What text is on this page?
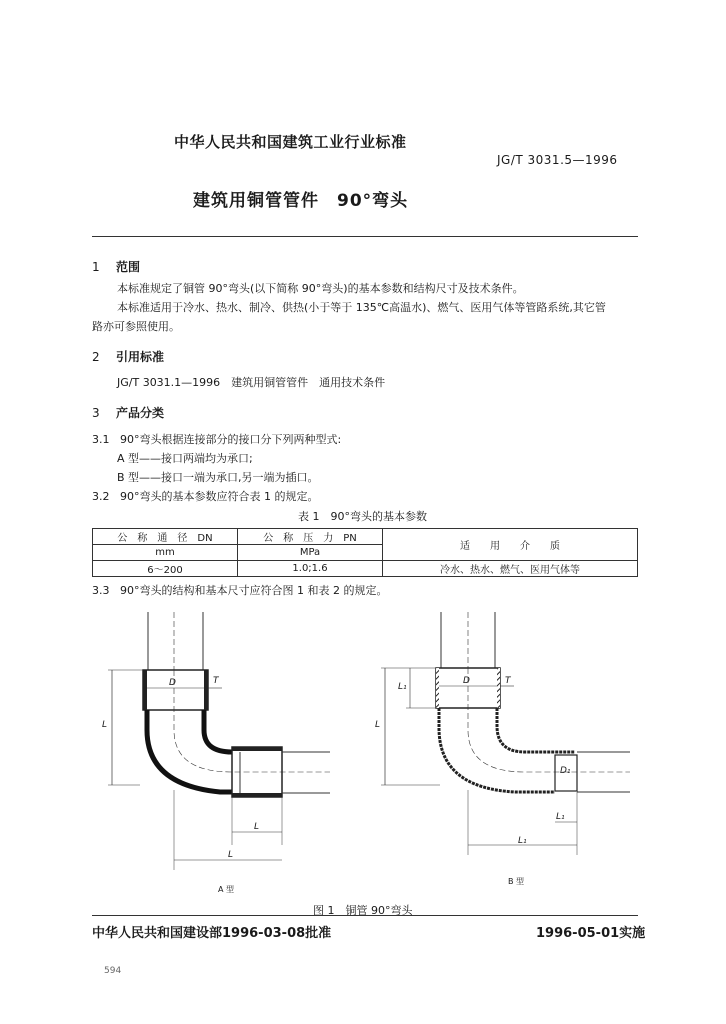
中华人民共和国建筑工业行业标准
JG/T 3031.5—1996
建筑用铜管管件　90°弯头
1 范围
本标准规定了铜管 90°弯头(以下简称 90°弯头)的基本参数和结构尺寸及技术条件。
本标准适用于冷水、热水、制冷、供热(小于等于 135℃高温水)、燃气、医用气体等管路系统,其它管
路亦可参照使用。
2 引用标准
JG/T 3031.1—1996　建筑用铜管管件　通用技术条件
3 产品分类
3.1 90°弯头根据连接部分的接口分下列两种型式:
A 型——接口两端均为承口;
B 型——接口一端为承口,另一端为插口。
3.2 90°弯头的基本参数应符合表 1 的规定。
表 1　90°弯头的基本参数
公　称　通　径　DN	公　称　压　力　PN	适　　用　　介　　质
mm	MPa	
6～200	1.0;1.6	冷水、热水、燃气、医用气体等
3.3 90°弯头的结构和基本尺寸应符合图 1 和表 2 的规定。
D	T
L
L
L
D	T
L
L₁
D₁
L₁
L₁
A 型
B 型
图 1　铜管 90°弯头
中华人民共和国建设部1996-03-08批准	1996-05-01实施
594
